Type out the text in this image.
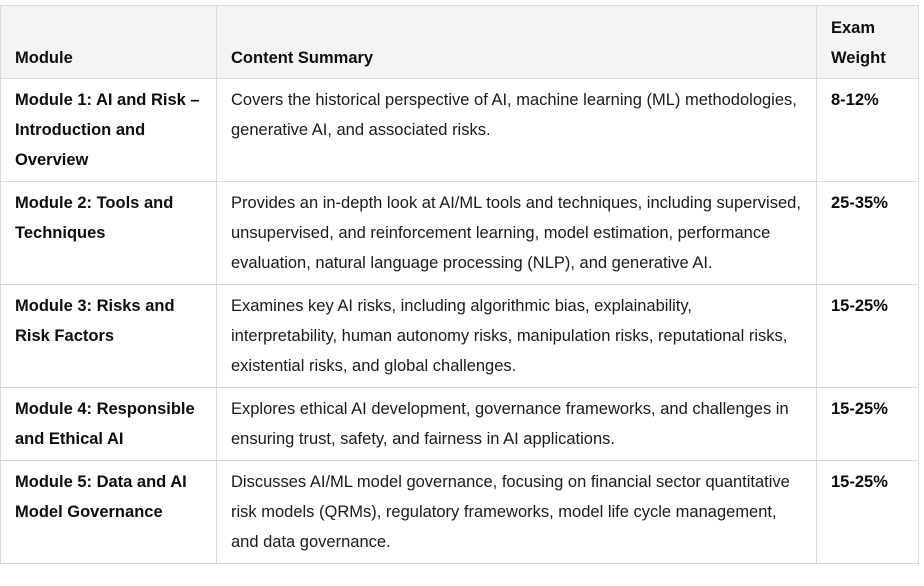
Module	Content Summary	Exam Weight
Module 1: AI and Risk – Introduction and Overview	Covers the historical perspective of AI, machine learning (ML) methodologies, generative AI, and associated risks.	8-12%
Module 2: Tools and Techniques	Provides an in-depth look at AI/ML tools and techniques, including supervised, unsupervised, and reinforcement learning, model estimation, performance evaluation, natural language processing (NLP), and generative AI.	25-35%
Module 3: Risks and Risk Factors	Examines key AI risks, including algorithmic bias, explainability, interpretability, human autonomy risks, manipulation risks, reputational risks, existential risks, and global challenges.	15-25%
Module 4: Responsible and Ethical AI	Explores ethical AI development, governance frameworks, and challenges in ensuring trust, safety, and fairness in AI applications.	15-25%
Module 5: Data and AI Model Governance	Discusses AI/ML model governance, focusing on financial sector quantitative risk models (QRMs), regulatory frameworks, model life cycle management, and data governance.	15-25%
